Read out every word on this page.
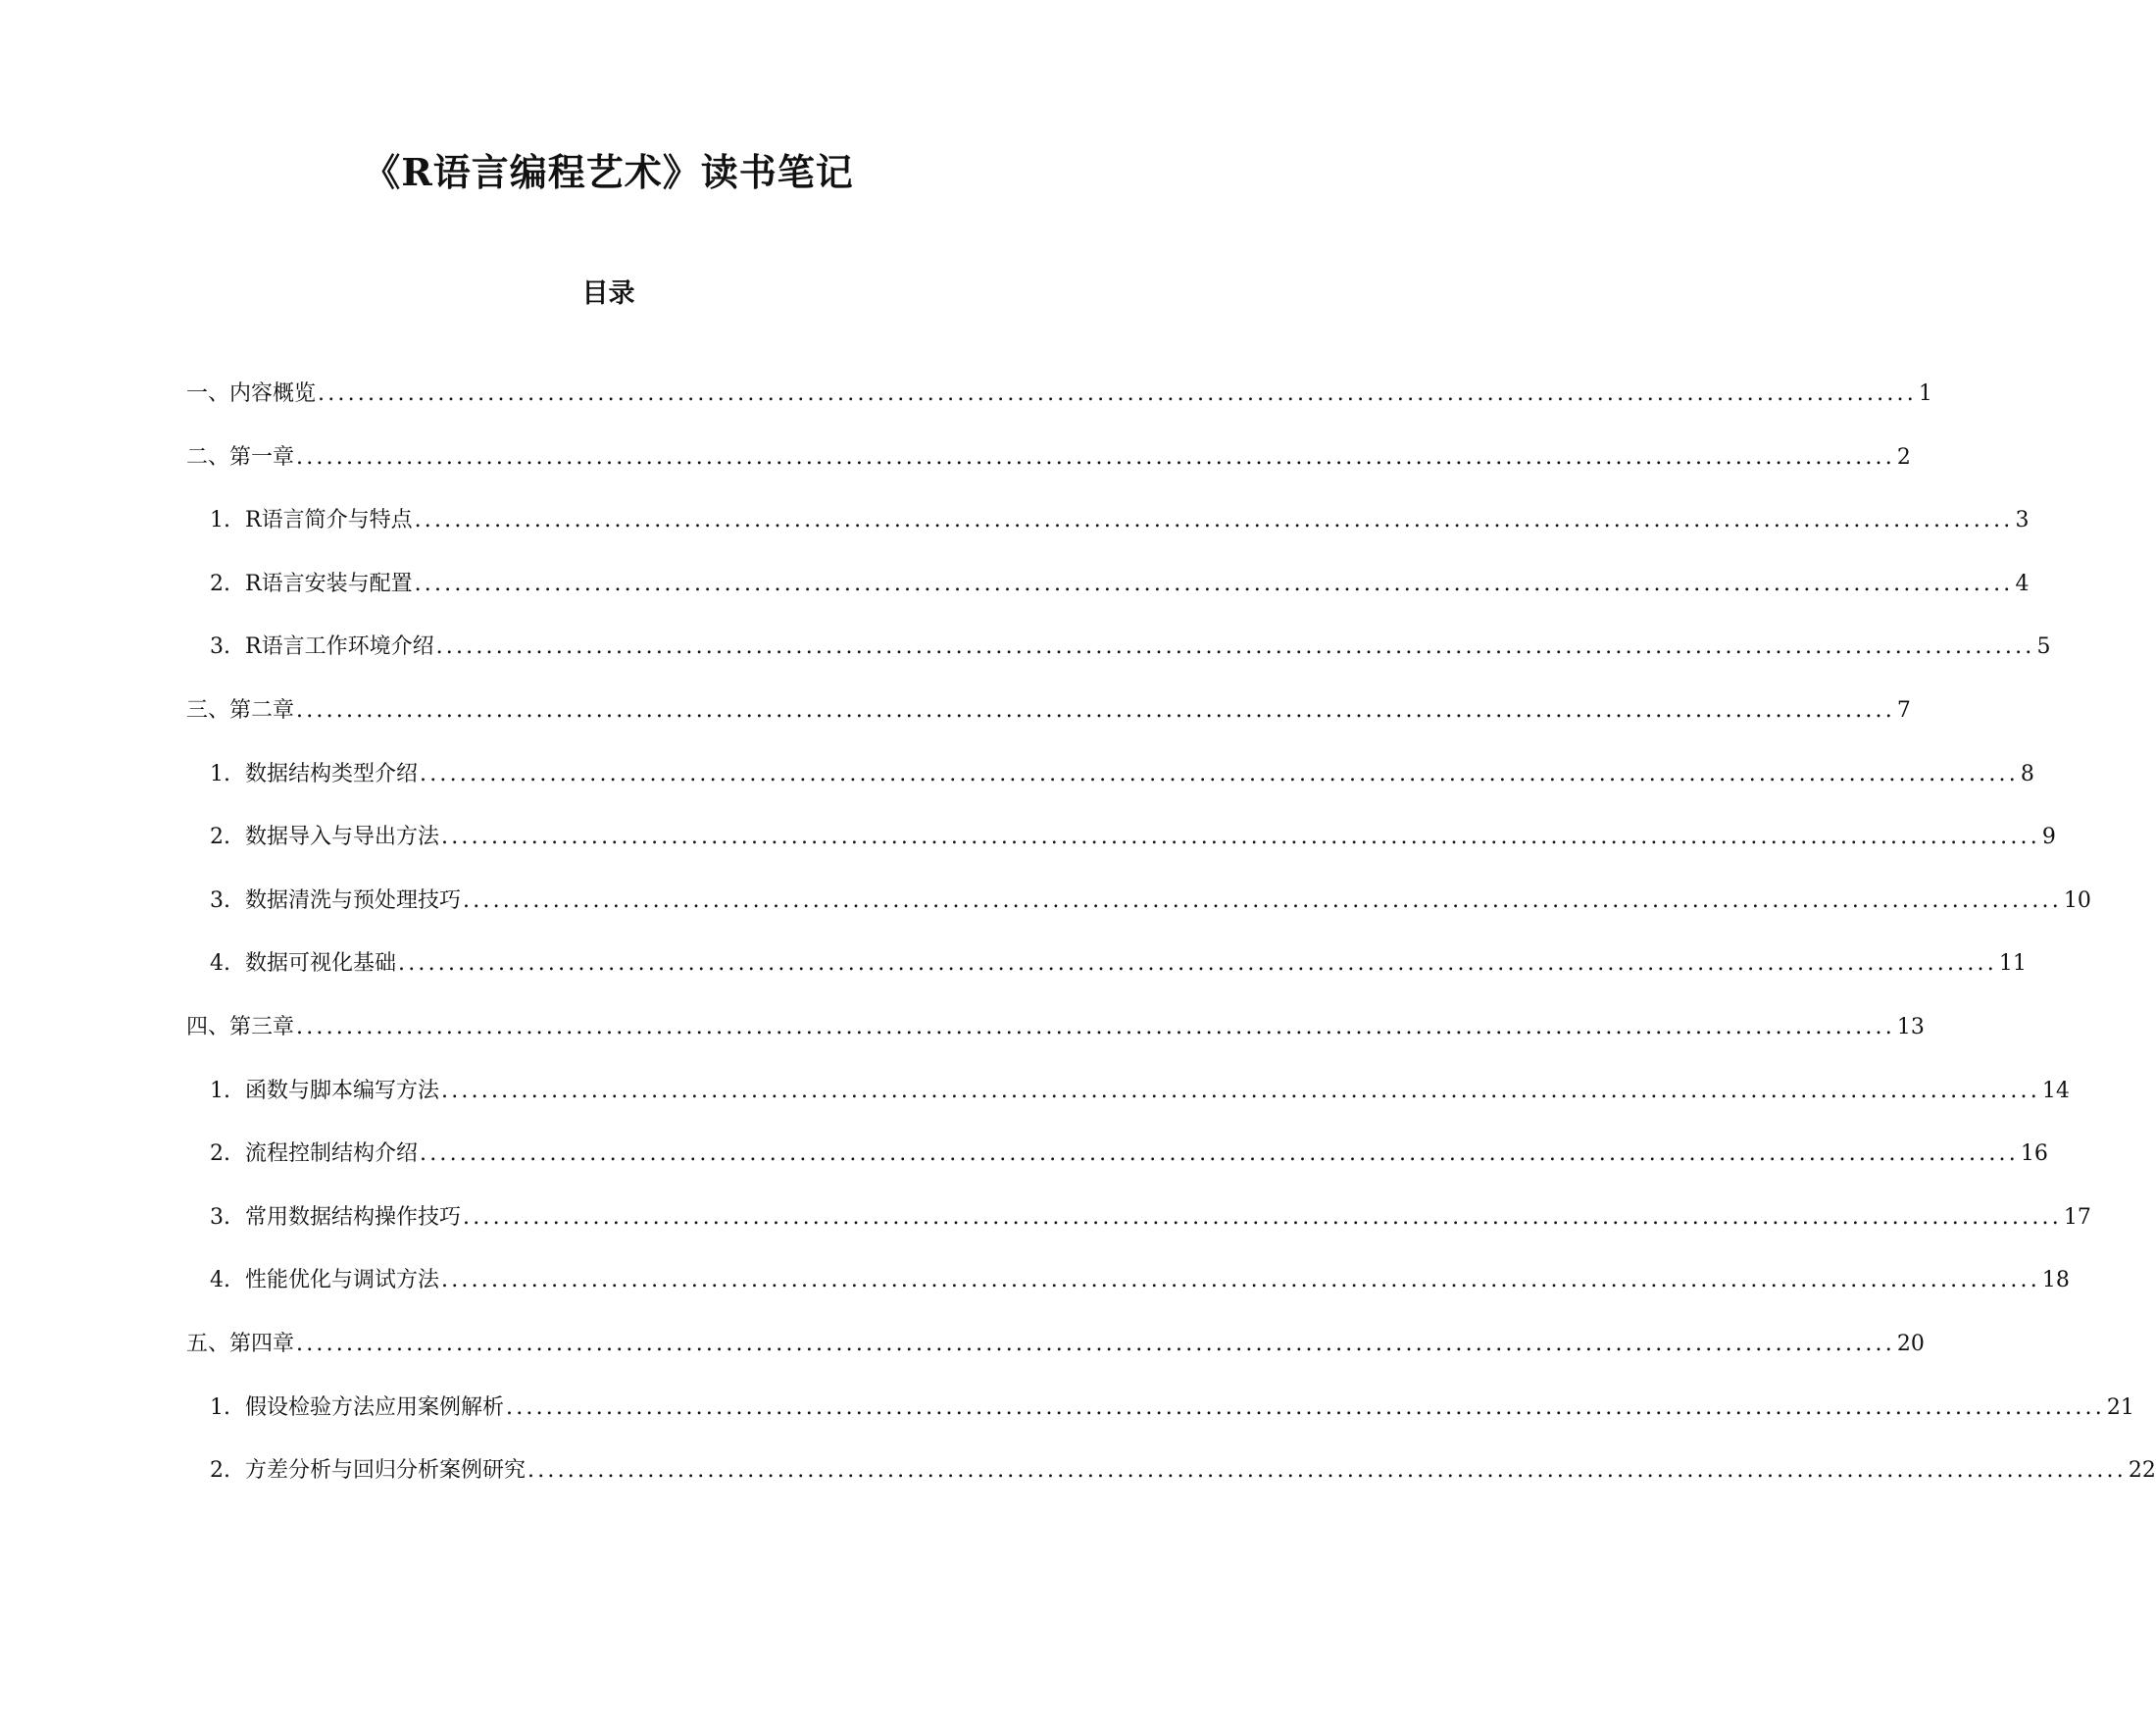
《R语言编程艺术》读书笔记
目录
一、内容概览 ................................................................................................................................................................ 1
二、第一章 ................................................................................................................................................................ 2
1. R语言简介与特点 ................................................................................................................................................................ 3
2. R语言安装与配置 ................................................................................................................................................................ 4
3. R语言工作环境介绍 ................................................................................................................................................................ 5
三、第二章 ................................................................................................................................................................ 7
1. 数据结构类型介绍 ................................................................................................................................................................ 8
2. 数据导入与导出方法 ................................................................................................................................................................ 9
3. 数据清洗与预处理技巧 ................................................................................................................................................................ 10
4. 数据可视化基础 ................................................................................................................................................................ 11
四、第三章 ................................................................................................................................................................ 13
1. 函数与脚本编写方法 ................................................................................................................................................................ 14
2. 流程控制结构介绍 ................................................................................................................................................................ 16
3. 常用数据结构操作技巧 ................................................................................................................................................................ 17
4. 性能优化与调试方法 ................................................................................................................................................................ 18
五、第四章 ................................................................................................................................................................ 20
1. 假设检验方法应用案例解析 ................................................................................................................................................................ 21
2. 方差分析与回归分析案例研究 ................................................................................................................................................................ 22
